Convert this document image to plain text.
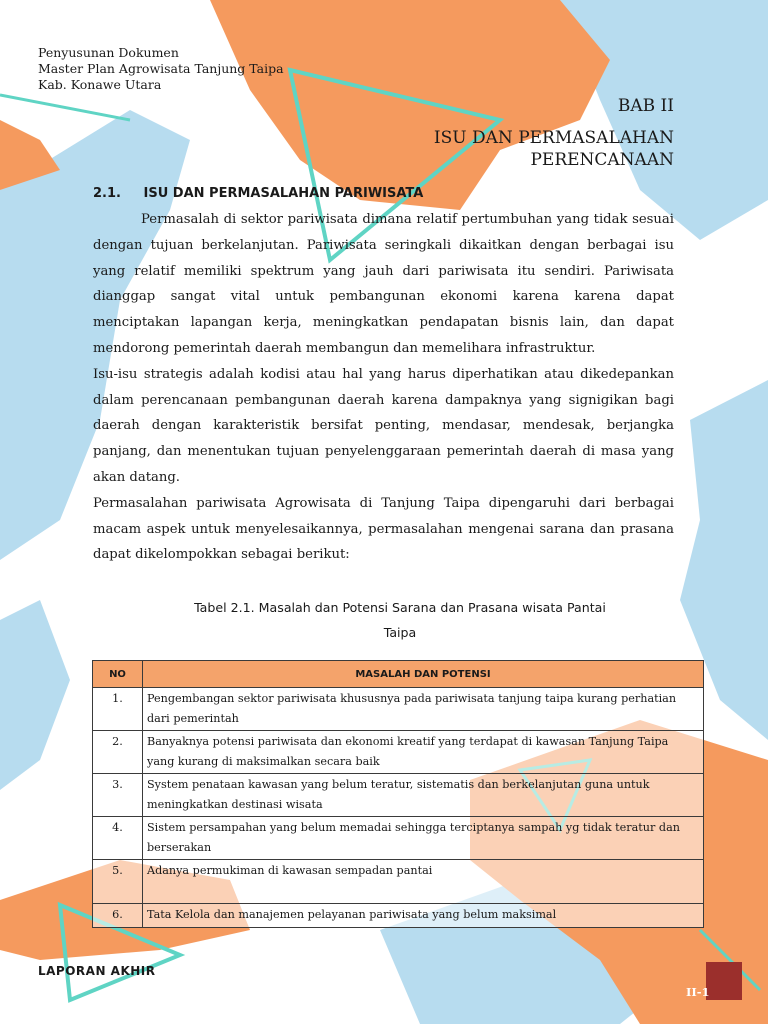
Penyusunan Dokumen
Master Plan Agrowisata Tanjung Taipa
Kab. Konawe Utara
BAB II
ISU DAN PERMASALAHAN
PERENCANAAN
2.1. ISU DAN PERMASALAHAN PARIWISATA

Permasalah di sektor pariwisata dimana relatif pertumbuhan yang tidak sesuai dengan tujuan berkelanjutan. Pariwisata seringkali dikaitkan dengan berbagai isu yang relatif memiliki spektrum yang jauh dari pariwisata itu sendiri. Pariwisata dianggap sangat vital untuk pembangunan ekonomi karena karena dapat menciptakan lapangan kerja, meningkatkan pendapatan bisnis lain, dan dapat mendorong pemerintah daerah membangun dan memelihara infrastruktur.

Isu-isu strategis adalah kodisi atau hal yang harus diperhatikan atau dikedepankan dalam perencanaan pembangunan daerah karena dampaknya yang signigikan bagi daerah dengan karakteristik bersifat penting, mendasar, mendesak, berjangka panjang, dan menentukan tujuan penyelenggaraan pemerintah daerah di masa yang akan datang.

Permasalahan pariwisata Agrowisata di Tanjung Taipa dipengaruhi dari berbagai macam aspek untuk menyelesaikannya, permasalahan mengenai sarana dan prasana dapat dikelompokkan sebagai berikut:

Tabel 2.1. Masalah dan Potensi Sarana dan Prasana wisata Pantai
Taipa
NO	MASALAH DAN POTENSI
1.	Pengembangan sektor pariwisata khususnya pada pariwisata tanjung taipa kurang perhatian dari pemerintah
2.	Banyaknya potensi pariwisata dan ekonomi kreatif yang terdapat di kawasan Tanjung Taipa yang kurang di maksimalkan secara baik
3.	System penataan kawasan yang belum teratur, sistematis dan berkelanjutan guna untuk meningkatkan destinasi wisata
4.	Sistem persampahan yang belum memadai sehingga terciptanya sampah yg tidak teratur dan berserakan
5.	Adanya permukiman di kawasan sempadan pantai
6.	Tata Kelola dan manajemen pelayanan pariwisata yang belum maksimal
LAPORAN AKHIR
II-1
